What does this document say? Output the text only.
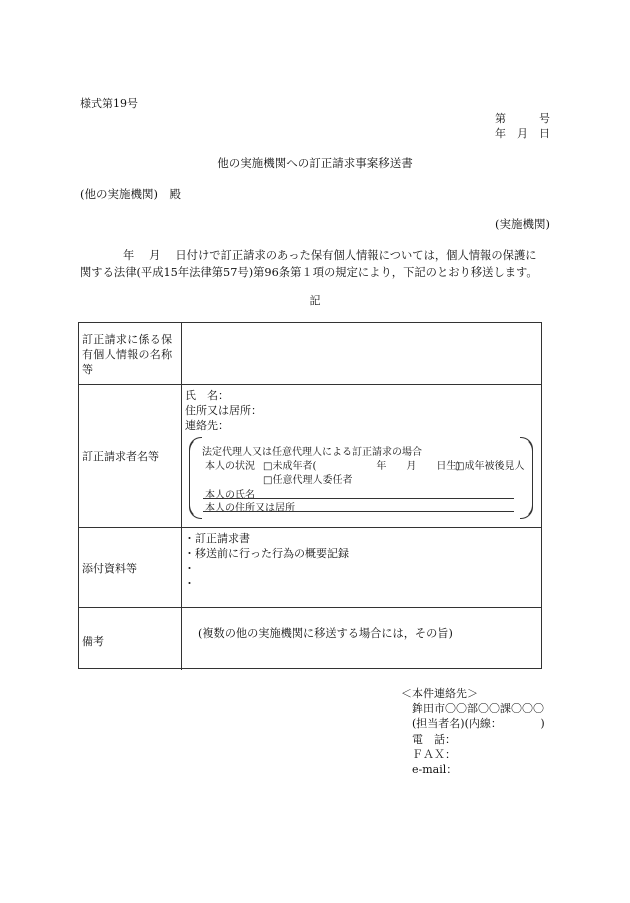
様式第19号
第　　　号
年　月　日
他の実施機関への訂正請求事案移送書
(他の実施機関)　殿
(実施機関)
年　 月　 日付けで訂正請求のあった保有個人情報については，個人情報の保護に
関する法律(平成15年法律第57号)第96条第１項の規定により，下記のとおり移送します。
記
訂正請求に係る保有個人情報の名称等
訂正請求者名等
氏　名：
住所又は居所：
連絡先：
法定代理人又は任意代理人による訂正請求の場合
本人の状況 □未成年者(　　　　　　年　　月　　日生)
□成年被後見人
□任意代理人委任者
本人の氏名
本人の住所又は居所
添付資料等
・訂正請求書
・移送前に行った行為の概要記録
・
・
備考
(複数の他の実施機関に移送する場合には，その旨)
＜本件連絡先＞
鉾田市〇〇部〇〇課〇〇〇
(担当者名)(内線：　　　　)
電　話：
ＦＡＸ：
e-mail：
